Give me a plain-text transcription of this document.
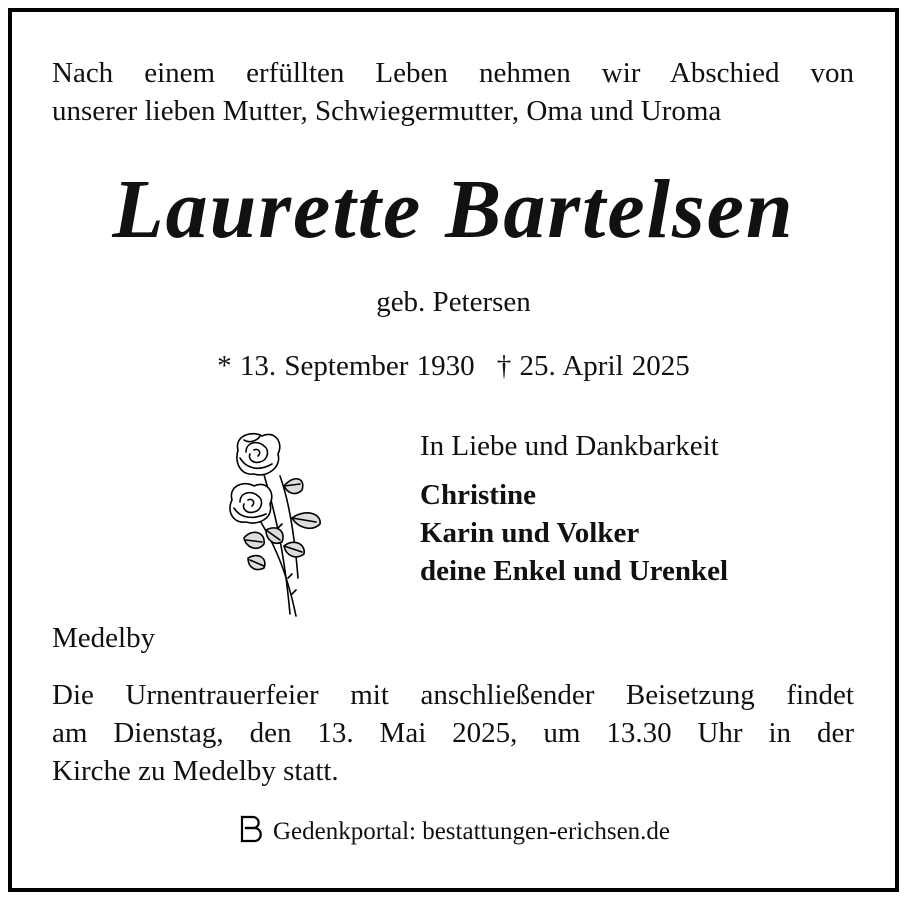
Nach einem erfüllten Leben nehmen wir Abschied von
unserer lieben Mutter, Schwiegermutter, Oma und Uroma
Laurette Bartelsen
geb. Petersen
* 13. September 1930 † 25. April 2025
In Liebe und Dankbarkeit
Christine
Karin und Volker
deine Enkel und Urenkel
Medelby
Die Urnentrauerfeier mit anschließender Beisetzung findet
am Dienstag, den 13. Mai 2025, um 13.30 Uhr in der
Kirche zu Medelby statt.
Gedenkportal: bestattungen-erichsen.de
